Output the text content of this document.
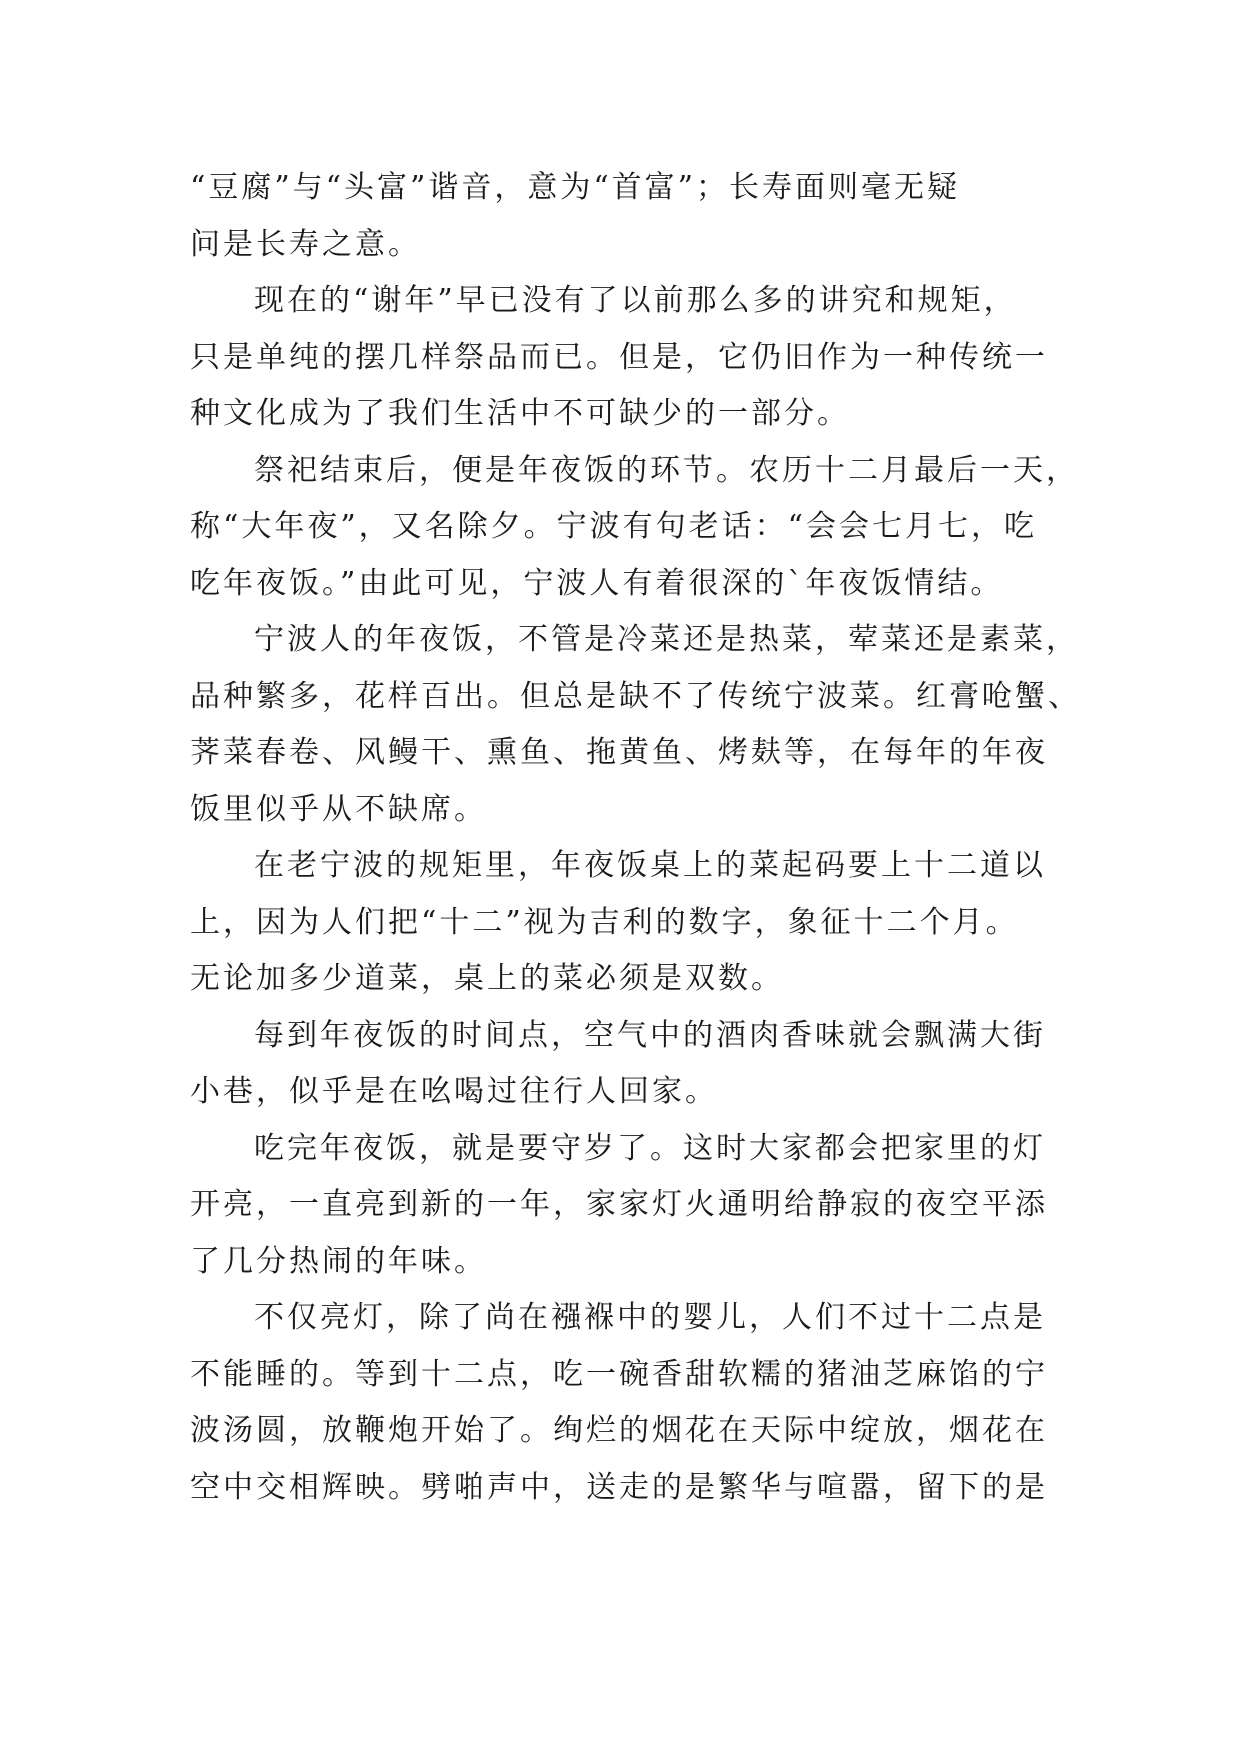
“豆腐”与“头富”谐音，意为“首富”；长寿面则毫无疑
问是长寿之意。
现在的“谢年”早已没有了以前那么多的讲究和规矩，
只是单纯的摆几样祭品而已。但是，它仍旧作为一种传统一
种文化成为了我们生活中不可缺少的一部分。
祭祀结束后，便是年夜饭的环节。农历十二月最后一天，
称“大年夜”，又名除夕。宁波有句老话：“会会七月七，吃
吃年夜饭。”由此可见，宁波人有着很深的`年夜饭情结。
宁波人的年夜饭，不管是冷菜还是热菜，荤菜还是素菜，
品种繁多，花样百出。但总是缺不了传统宁波菜。红膏呛蟹、
荠菜春卷、风鳗干、熏鱼、拖黄鱼、烤麸等，在每年的年夜
饭里似乎从不缺席。
在老宁波的规矩里，年夜饭桌上的菜起码要上十二道以
上，因为人们把“十二”视为吉利的数字，象征十二个月。
无论加多少道菜，桌上的菜必须是双数。
每到年夜饭的时间点，空气中的酒肉香味就会飘满大街
小巷，似乎是在吆喝过往行人回家。
吃完年夜饭，就是要守岁了。这时大家都会把家里的灯
开亮，一直亮到新的一年，家家灯火通明给静寂的夜空平添
了几分热闹的年味。
不仅亮灯，除了尚在襁褓中的婴儿，人们不过十二点是
不能睡的。等到十二点，吃一碗香甜软糯的猪油芝麻馅的宁
波汤圆，放鞭炮开始了。绚烂的烟花在天际中绽放，烟花在
空中交相辉映。劈啪声中，送走的是繁华与喧嚣，留下的是
